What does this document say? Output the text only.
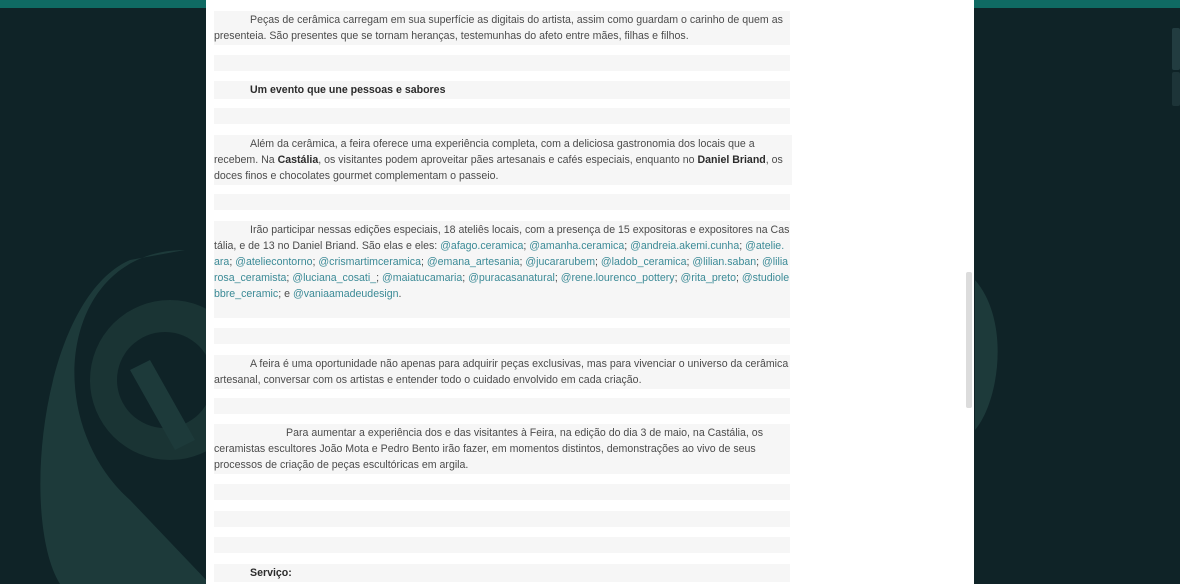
Peças de cerâmica carregam em sua superfície as digitais do artista, assim como guardam o carinho de quem as presenteia. São presentes que se tornam heranças, testemunhas do afeto entre mães, filhas e filhos.
Um evento que une pessoas e sabores
Além da cerâmica, a feira oferece uma experiência completa, com a deliciosa gastronomia dos locais que a recebem. Na Castália, os visitantes podem aproveitar pães artesanais e cafés especiais, enquanto no Daniel Briand, os doces finos e chocolates gourmet complementam o passeio.
Irão participar nessas edições especiais, 18 ateliês locais, com a presença de 15 expositoras e expositores na Castália, e de 13 no Daniel Briand. São elas e eles: @afago.ceramica; @amanha.ceramica; @andreia.akemi.cunha; @atelie.ara; @ateliecontorno; @crismartimceramica; @emana_artesania; @jucararubem; @ladob_ceramica; @lilian.saban; @liliarosa_ceramista; @luciana_cosati_; @maiatucamaria; @puracasanatural; @rene.lourenco_pottery; @rita_preto; @studiolebbre_ceramic; e @vaniaamadeudesign.
A feira é uma oportunidade não apenas para adquirir peças exclusivas, mas para vivenciar o universo da cerâmica artesanal, conversar com os artistas e entender todo o cuidado envolvido em cada criação.
Para aumentar a experiência dos e das visitantes à Feira, na edição do dia 3 de maio, na Castália, os ceramistas escultores João Mota e Pedro Bento irão fazer, em momentos distintos, demonstrações ao vivo de seus processos de criação de peças escultóricas em argila.
Serviço:
